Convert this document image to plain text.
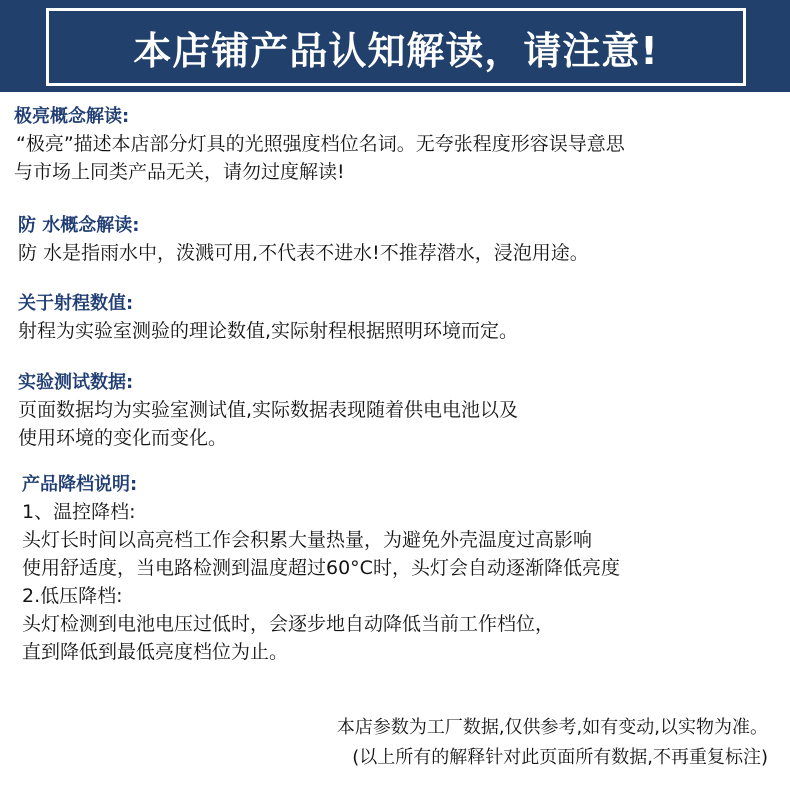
本店铺产品认知解读，请注意!
极亮概念解读:
“极亮”描述本店部分灯具的光照强度档位名词。无夸张程度形容误导意思
与市场上同类产品无关，请勿过度解读!
防 水概念解读:
防 水是指雨水中，泼溅可用,不代表不进水!不推荐潜水，浸泡用途。
关于射程数值:
射程为实验室测验的理论数值,实际射程根据照明环境而定。
实验测试数据:
页面数据均为实验室测试值,实际数据表现随着供电电池以及
使用环境的变化而变化。
产品降档说明:
1、温控降档:
头灯长时间以高亮档工作会积累大量热量，为避免外壳温度过高影响
使用舒适度，当电路检测到温度超过60°C时，头灯会自动逐渐降低亮度
2.低压降档:
头灯检测到电池电压过低时，会逐步地自动降低当前工作档位，
直到降低到最低亮度档位为止。
本店参数为工厂数据,仅供参考,如有变动,以实物为准。
(以上所有的解释针对此页面所有数据,不再重复标注)
